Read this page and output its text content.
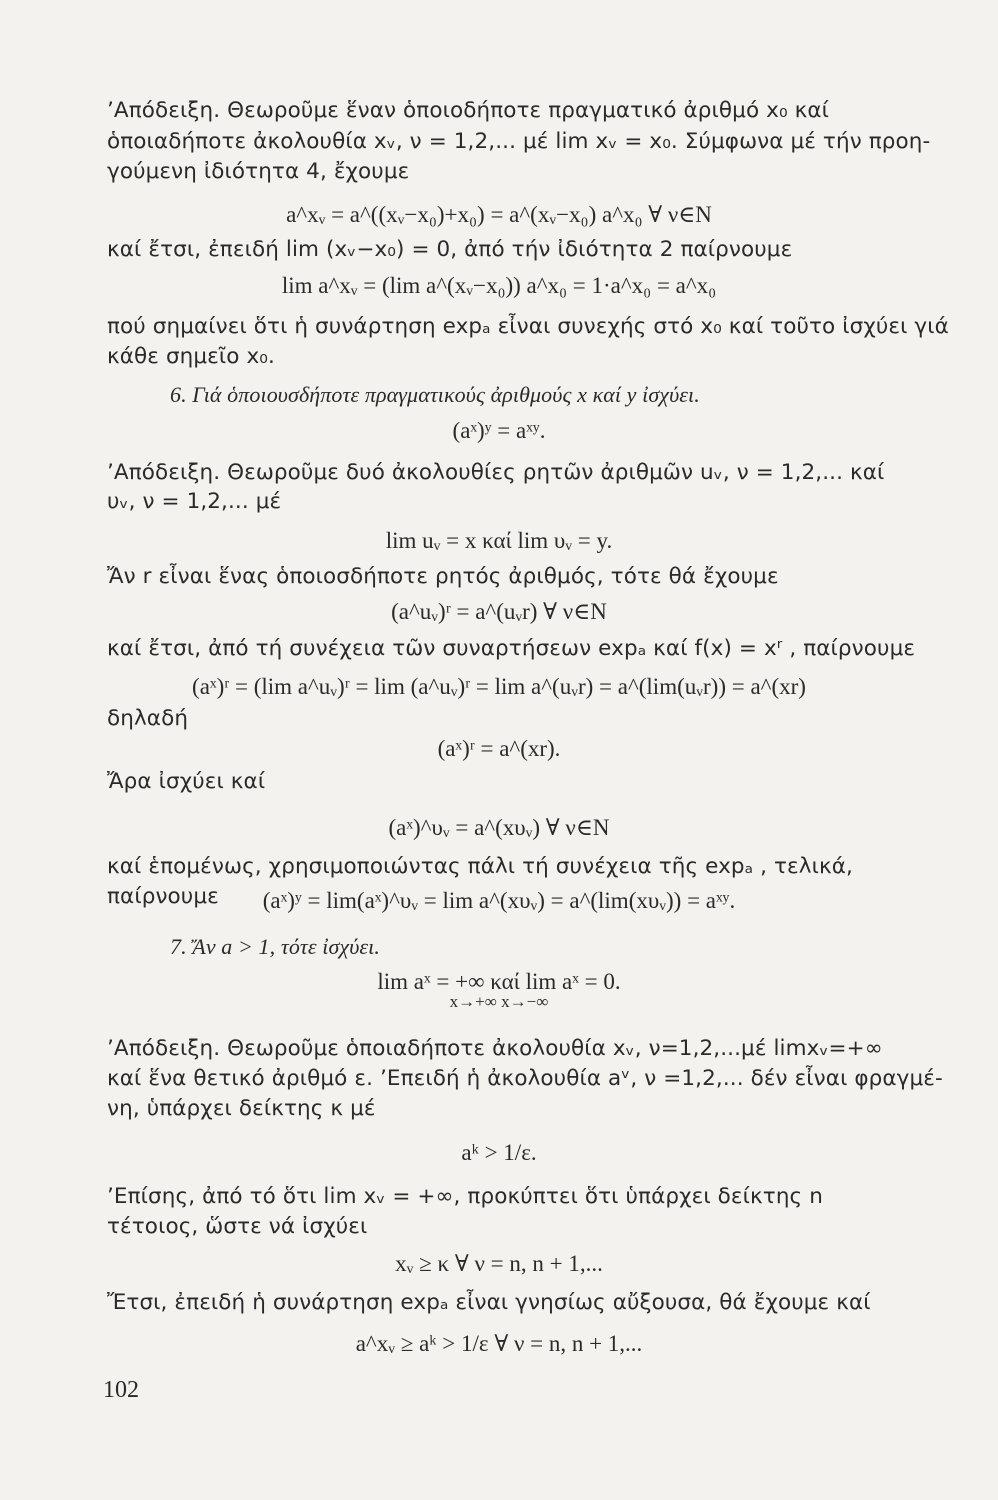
’Απόδειξη. Θεωροῦμε ἕναν ὁποιοδήποτε πραγματικό ἀριθμό x₀ καί
ὁποιαδήποτε ἀκολουθία xᵥ, ν = 1,2,... μέ lim xᵥ = x₀. Σύμφωνα μέ τήν προη-
γούμενη ἰδιότητα 4, ἔχουμε
a^xᵥ = a^((xᵥ−x₀)+x₀) = a^(xᵥ−x₀) a^x₀ ∀ ν∈N
καί ἔτσι, ἐπειδή lim (xᵥ−x₀) = 0, ἀπό τήν ἰδιότητα 2 παίρνουμε
lim a^xᵥ = (lim a^(xᵥ−x₀)) a^x₀ = 1·a^x₀ = a^x₀
πού σημαίνει ὅτι ἡ συνάρτηση expₐ εἶναι συνεχής στό x₀ καί τοῦτο ἰσχύει γιά
κάθε σημεῖο x₀.
6. Γιά ὁποιουσδήποτε πραγματικούς ἀριθμούς x καί y ἰσχύει.
(aˣ)ʸ = aˣʸ.
’Απόδειξη. Θεωροῦμε δυό ἀκολουθίες ρητῶν ἀριθμῶν uᵥ, ν = 1,2,... καί
υᵥ, ν = 1,2,... μέ
lim uᵥ = x καί lim υᵥ = y.
Ἄν r εἶναι ἕνας ὁποιοσδήποτε ρητός ἀριθμός, τότε θά ἔχουμε
(a^uᵥ)ʳ = a^(uᵥr) ∀ ν∈N
καί ἔτσι, ἀπό τή συνέχεια τῶν συναρτήσεων expₐ καί f(x) = xʳ , παίρνουμε
(aˣ)ʳ = (lim a^uᵥ)ʳ = lim (a^uᵥ)ʳ = lim a^(uᵥr) = a^(lim(uᵥr)) = a^(xr)
δηλαδή
(aˣ)ʳ = a^(xr).
Ἄρα ἰσχύει καί
(aˣ)^υᵥ = a^(xυᵥ) ∀ ν∈N
καί ἑπομένως, χρησιμοποιώντας πάλι τή συνέχεια τῆς expₐ , τελικά, παίρνουμε	(aˣ)ʸ = lim(aˣ)^υᵥ = lim a^(xυᵥ) = a^(lim(xυᵥ)) = aˣʸ.
7. Ἄν a > 1, τότε ἰσχύει.
lim aˣ = +∞ καί lim aˣ = 0.
x→+∞ x→−∞
’Απόδειξη. Θεωροῦμε ὁποιαδήποτε ἀκολουθία xᵥ, ν=1,2,...μέ limxᵥ=+∞
καί ἕνα θετικό ἀριθμό ε. ’Επειδή ἡ ἀκολουθία aᵛ, ν =1,2,... δέν εἶναι φραγμέ-
νη, ὑπάρχει δείκτης κ μέ
aᵏ > 1/ε.
’Επίσης, ἀπό τό ὅτι lim xᵥ = +∞, προκύπτει ὅτι ὑπάρχει δείκτης n
τέτοιος, ὥστε νά ἰσχύει
xᵥ ≥ κ ∀ ν = n, n + 1,...
Ἔτσι, ἐπειδή ἡ συνάρτηση expₐ εἶναι γνησίως αὔξουσα, θά ἔχουμε καί
a^xᵥ ≥ aᵏ > 1/ε ∀ ν = n, n + 1,...
102
